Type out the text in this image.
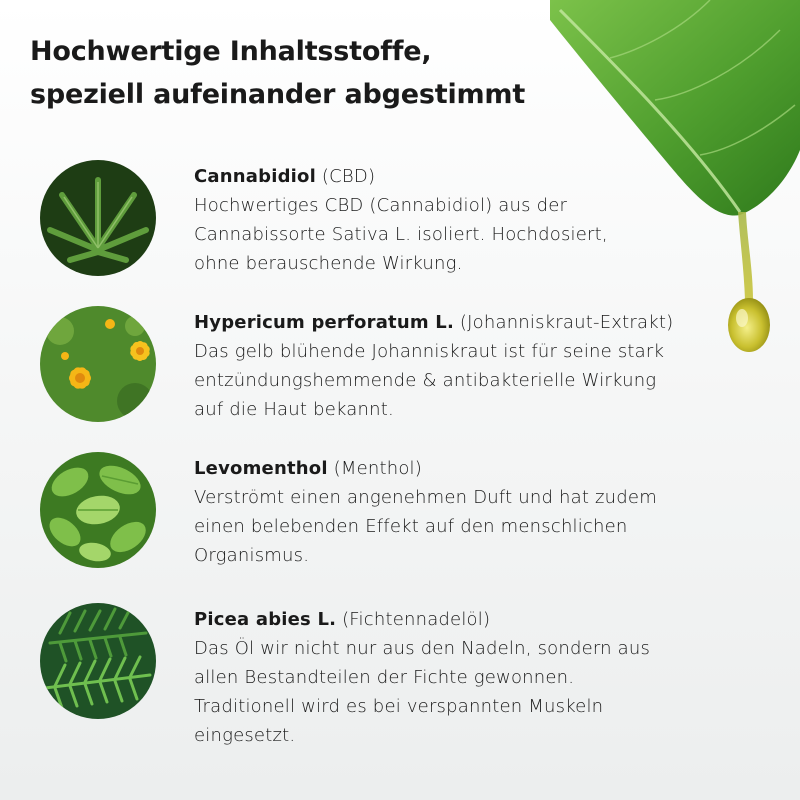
Hochwertige Inhaltsstoffe,
speziell aufeinander abgestimmt
Cannabidiol (CBD)
Hochwertiges CBD (Cannabidiol) aus der
Cannabissorte Sativa L. isoliert. Hochdosiert,
ohne berauschende Wirkung.
Hypericum perforatum L. (Johanniskraut-Extrakt)
Das gelb blühende Johanniskraut ist für seine stark
entzündungshemmende & antibakterielle Wirkung
auf die Haut bekannt.
Levomenthol (Menthol)
Verströmt einen angenehmen Duft und hat zudem
einen belebenden Effekt auf den menschlichen
Organismus.
Picea abies L. (Fichtennadelöl)
Das Öl wir nicht nur aus den Nadeln, sondern aus
allen Bestandteilen der Fichte gewonnen.
Traditionell wird es bei verspannten Muskeln
eingesetzt.
